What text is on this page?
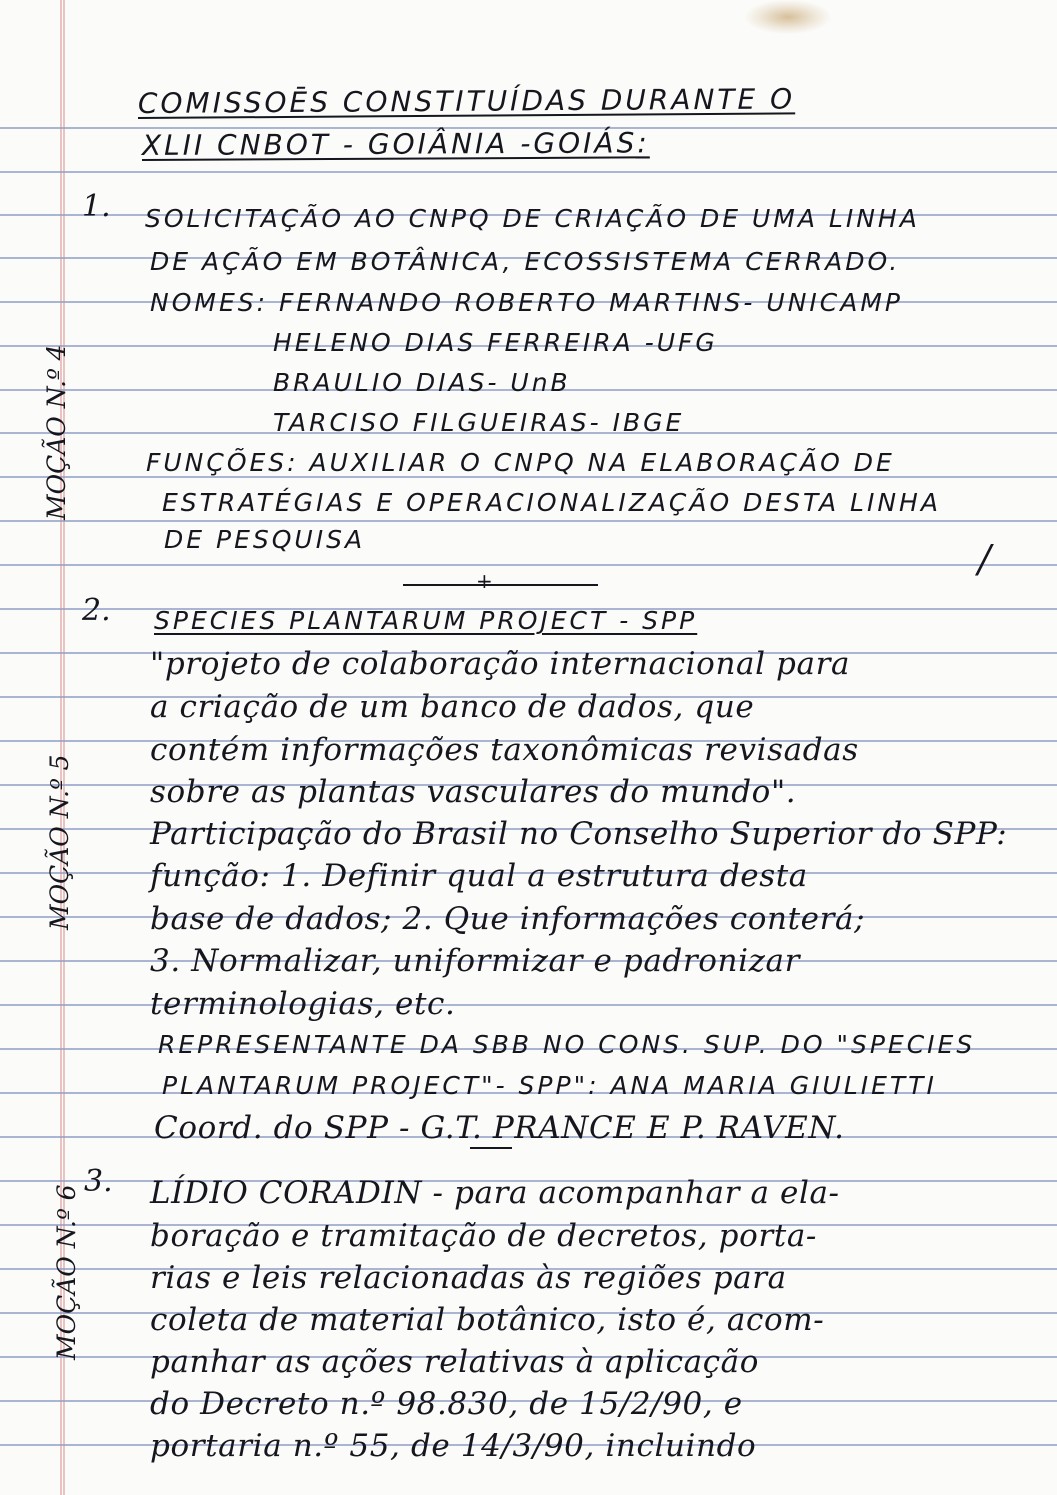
COMISSOĒS CONSTITUÍDAS DURANTE O
XLII CNBOT - GOIÂNIA -GOIÁS:
1.
MOÇÃO N.º 4
SOLICITAÇÃO AO CNPQ DE CRIAÇÃO DE UMA LINHA
DE AÇÃO EM BOTÂNICA, ECOSSISTEMA CERRADO.
NOMES: FERNANDO ROBERTO MARTINS- UNICAMP
HELENO DIAS FERREIRA -UFG
BRAULIO DIAS- UnB
TARCISO FILGUEIRAS- IBGE
FUNÇÕES: AUXILIAR O CNPQ NA ELABORAÇÃO DE
ESTRATÉGIAS E OPERACIONALIZAÇÃO DESTA LINHA
DE PESQUISA	/
+
2.
MOÇÃO N.º 5
SPECIES PLANTARUM PROJECT - SPP
"projeto de colaboração internacional para
a criação de um banco de dados, que
contém informações taxonômicas revisadas
sobre as plantas vasculares do mundo".
Participação do Brasil no Conselho Superior do SPP:
função: 1. Definir qual a estrutura desta
base de dados; 2. Que informações conterá;
3. Normalizar, uniformizar e padronizar
terminologias, etc.
REPRESENTANTE DA SBB NO CONS. SUP. DO "SPECIES
PLANTARUM PROJECT"- SPP": ANA MARIA GIULIETTI
Coord. do SPP - G.T. PRANCE E P. RAVEN.
3.
MOÇÃO N.º 6 LÍDIO CORADIN - para acompanhar a ela-
boração e tramitação de decretos, porta-
rias e leis relacionadas às regiões para
coleta de material botânico, isto é, acom-
panhar as ações relativas à aplicação
do Decreto n.º 98.830, de 15/2/90, e
portaria n.º 55, de 14/3/90, incluindo
